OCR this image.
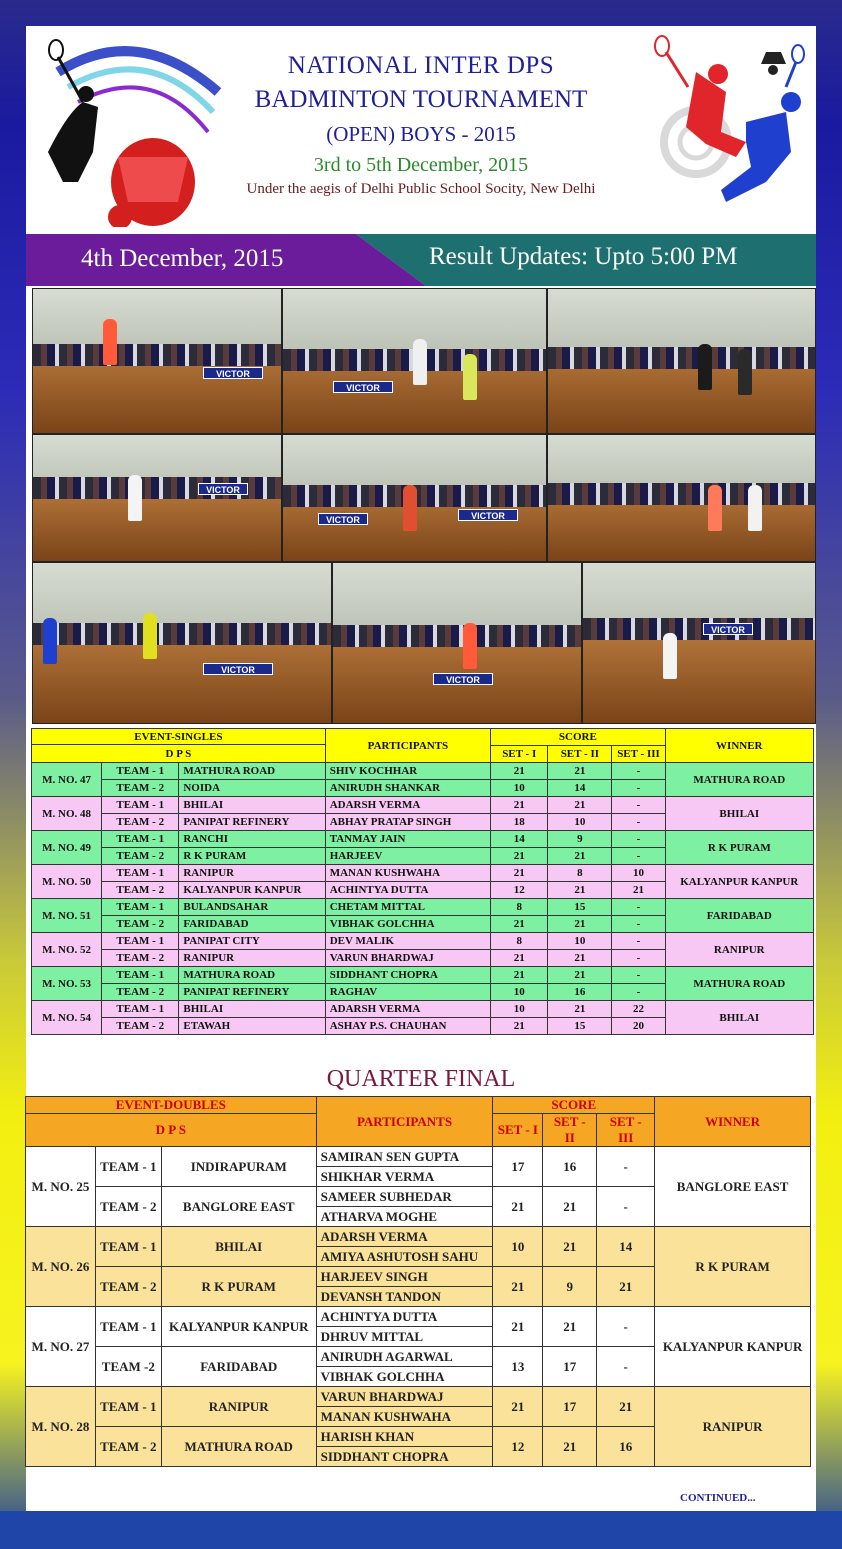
NATIONAL INTER DPS
BADMINTON TOURNAMENT
(OPEN) BOYS - 2015
3rd to 5th December, 2015
Under the aegis of Delhi Public School Socity, New Delhi
4th December, 2015	Result Updates: Upto 5:00 PM
VICTOR
VICTOR
VICTOR
VICTOR	VICTOR
VICTOR
VICTOR
VICTOR
EVENT-SINGLES			PARTICIPANTS	SCORE			WINNER
D P S							
				SET - I	SET - II	SET - III	
M. NO. 47	TEAM - 1	MATHURA ROAD	SHIV KOCHHAR	21	21	-	MATHURA ROAD
	TEAM - 2	NOIDA	ANIRUDH SHANKAR	10	14	-	
M. NO. 48	TEAM - 1	BHILAI	ADARSH VERMA	21	21	-	BHILAI
	TEAM - 2	PANIPAT REFINERY	ABHAY PRATAP SINGH	18	10	-	
M. NO. 49	TEAM - 1	RANCHI	TANMAY JAIN	14	9	-	R K PURAM
	TEAM - 2	R K PURAM	HARJEEV	21	21	-	
M. NO. 50	TEAM - 1	RANIPUR	MANAN KUSHWAHA	21	8	10	KALYANPUR KANPUR
	TEAM - 2	KALYANPUR KANPUR	ACHINTYA DUTTA	12	21	21	
M. NO. 51	TEAM - 1	BULANDSAHAR	CHETAM MITTAL	8	15	-	FARIDABAD
	TEAM - 2	FARIDABAD	VIBHAK GOLCHHA	21	21	-	
M. NO. 52	TEAM - 1	PANIPAT CITY	DEV MALIK	8	10	-	RANIPUR
	TEAM - 2	RANIPUR	VARUN BHARDWAJ	21	21	-	
M. NO. 53	TEAM - 1	MATHURA ROAD	SIDDHANT CHOPRA	21	21	-	MATHURA ROAD
	TEAM - 2	PANIPAT REFINERY	RAGHAV	10	16	-	
M. NO. 54	TEAM - 1	BHILAI	ADARSH VERMA	10	21	22	BHILAI
	TEAM - 2	ETAWAH	ASHAY P.S. CHAUHAN	21	15	20	
QUARTER FINAL
EVENT-DOUBLES			PARTICIPANTS	SCORE			WINNER
D P S							
				SET - I	SET - II	SET - III	
M. NO. 25	TEAM - 1	INDIRAPURAM	SAMIRAN SEN GUPTA	17	16	-	BANGLORE EAST
			SHIKHAR VERMA				
	TEAM - 2	BANGLORE EAST	SAMEER SUBHEDAR	21	21	-	
			ATHARVA MOGHE				
M. NO. 26	TEAM - 1	BHILAI	ADARSH VERMA	10	21	14	R K PURAM
			AMIYA ASHUTOSH SAHU				
	TEAM - 2	R K PURAM	HARJEEV SINGH	21	9	21	
			DEVANSH TANDON				
M. NO. 27	TEAM - 1	KALYANPUR KANPUR	ACHINTYA DUTTA	21	21	-	KALYANPUR KANPUR
			DHRUV MITTAL				
	TEAM -2	FARIDABAD	ANIRUDH AGARWAL	13	17	-	
			VIBHAK GOLCHHA				
M. NO. 28	TEAM - 1	RANIPUR	VARUN BHARDWAJ	21	17	21	RANIPUR
			MANAN KUSHWAHA				
	TEAM - 2	MATHURA ROAD	HARISH KHAN	12	21	16	
			SIDDHANT CHOPRA				
CONTINUED...
